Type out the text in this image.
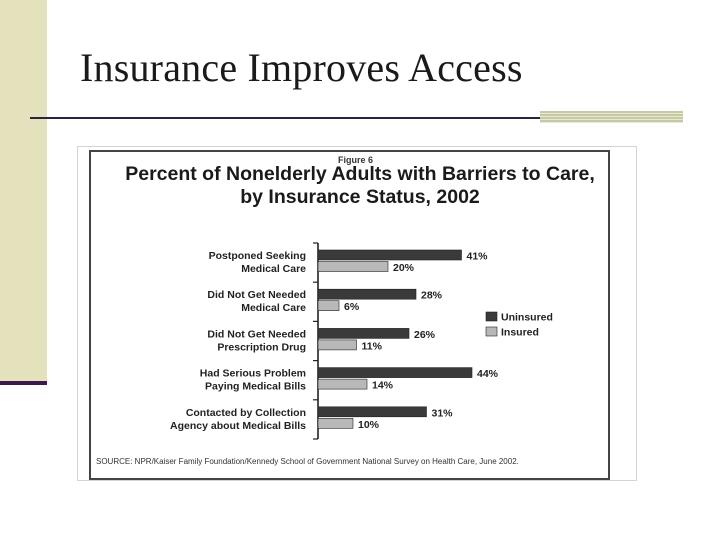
Insurance Improves Access
Figure 6
Percent of Nonelderly Adults with Barriers to Care, by Insurance Status, 2002
Postponed Seeking
Medical Care
41%
20%
Did Not Get Needed
Medical Care
28%
6%
Did Not Get Needed
Prescription Drug
26%
11%
Had Serious Problem
Paying Medical Bills
44%
14%
Contacted by Collection
Agency about Medical Bills
31%
10%
Uninsured
Insured
SOURCE: NPR/Kaiser Family Foundation/Kennedy School of Government National Survey on Health Care, June 2002.
